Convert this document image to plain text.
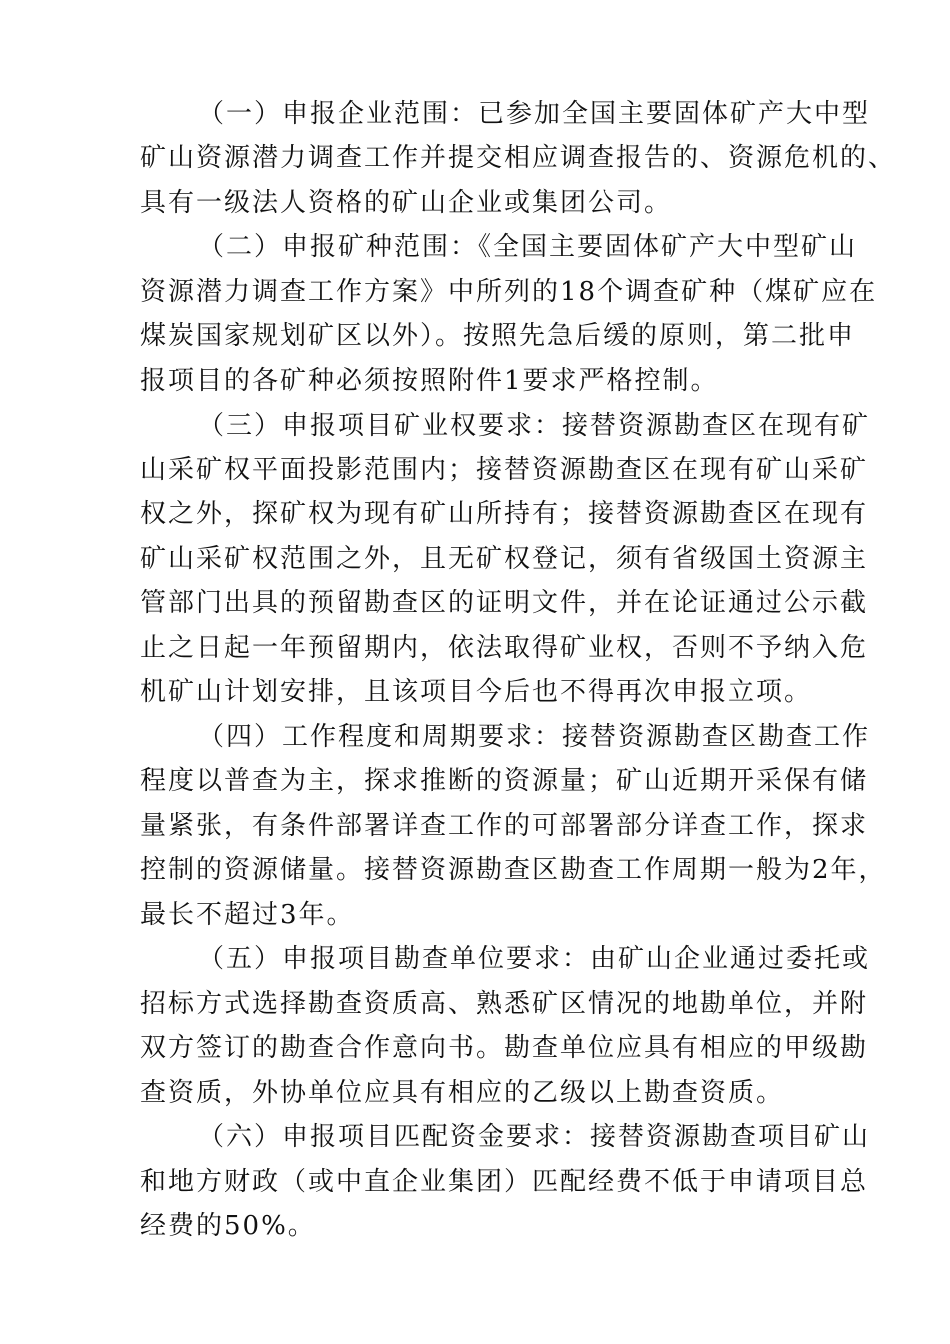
（一）申报企业范围：已参加全国主要固体矿产大中型
矿山资源潜力调查工作并提交相应调查报告的、资源危机的、
具有一级法人资格的矿山企业或集团公司。
（二）申报矿种范围：《全国主要固体矿产大中型矿山
资源潜力调查工作方案》中所列的18个调查矿种（煤矿应在
煤炭国家规划矿区以外）。按照先急后缓的原则，第二批申
报项目的各矿种必须按照附件1要求严格控制。
（三）申报项目矿业权要求：接替资源勘查区在现有矿
山采矿权平面投影范围内；接替资源勘查区在现有矿山采矿
权之外，探矿权为现有矿山所持有；接替资源勘查区在现有
矿山采矿权范围之外，且无矿权登记，须有省级国土资源主
管部门出具的预留勘查区的证明文件，并在论证通过公示截
止之日起一年预留期内，依法取得矿业权，否则不予纳入危
机矿山计划安排，且该项目今后也不得再次申报立项。
（四）工作程度和周期要求：接替资源勘查区勘查工作
程度以普查为主，探求推断的资源量；矿山近期开采保有储
量紧张，有条件部署详查工作的可部署部分详查工作，探求
控制的资源储量。接替资源勘查区勘查工作周期一般为2年，
最长不超过3年。
（五）申报项目勘查单位要求：由矿山企业通过委托或
招标方式选择勘查资质高、熟悉矿区情况的地勘单位，并附
双方签订的勘查合作意向书。勘查单位应具有相应的甲级勘
查资质，外协单位应具有相应的乙级以上勘查资质。
（六）申报项目匹配资金要求：接替资源勘查项目矿山
和地方财政（或中直企业集团）匹配经费不低于申请项目总
经费的50%。
